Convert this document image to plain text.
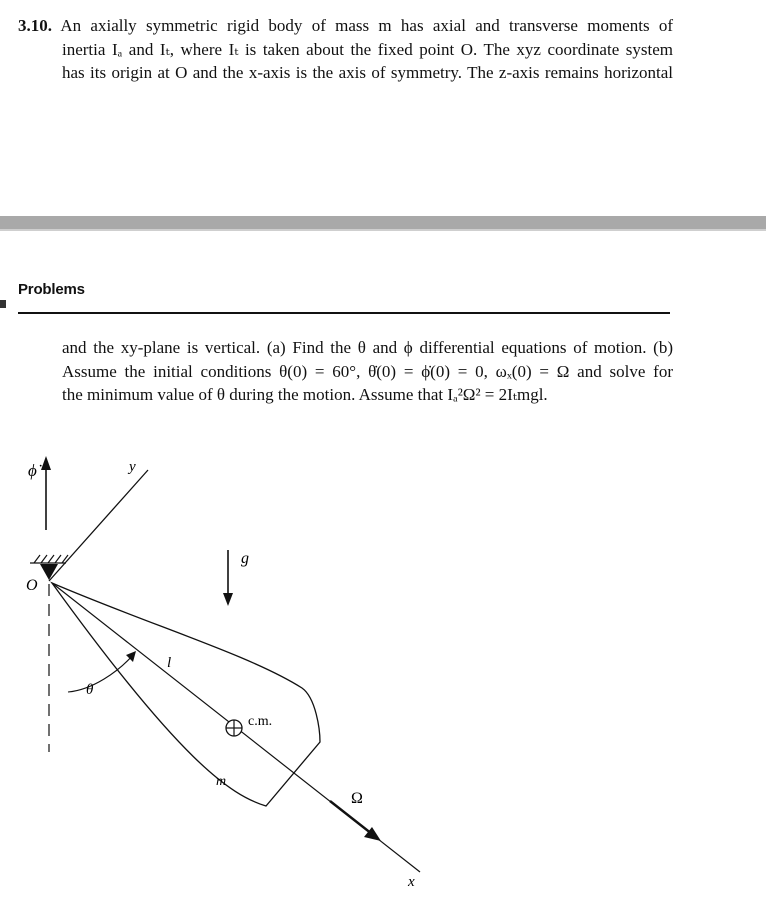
3.10. An axially symmetric rigid body of mass m has axial and transverse moments of
inertia Iₐ and Iₜ, where Iₜ is taken about the fixed point O. The xyz coordinate system
has its origin at O and the x-axis is the axis of symmetry. The z-axis remains horizontal
Problems
and the xy-plane is vertical. (a) Find the θ and ϕ differential equations of motion. (b)
Assume the initial conditions θ(0) = 60°, θ̇(0) = ϕ̇(0) = 0, ωₓ(0) = Ω and solve for
the minimum value of θ during the motion. Assume that Iₐ²Ω² = 2Iₜmgl.
ϕ̇
O
y
g
x
Ω
l
θ
c.m.
m
